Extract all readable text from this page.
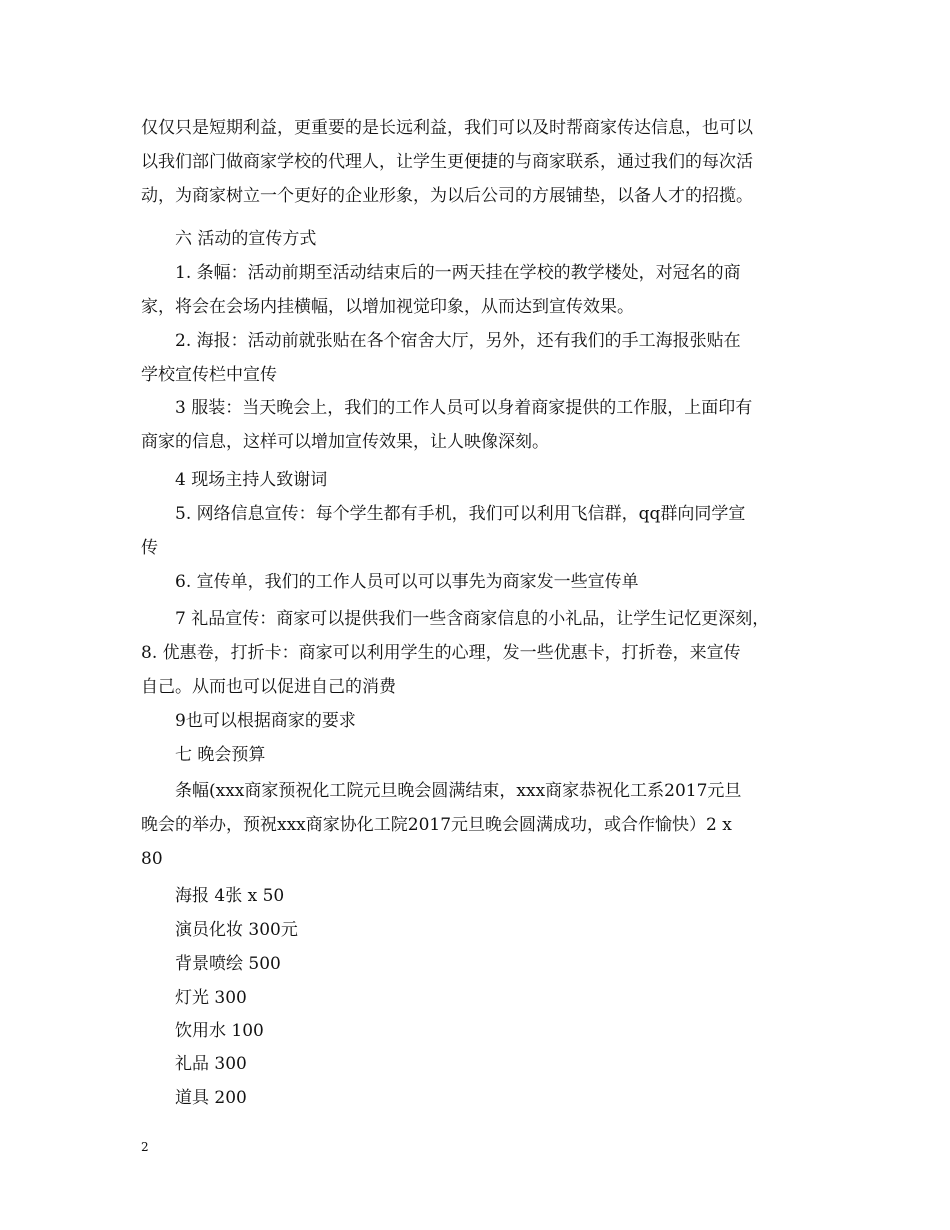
仅仅只是短期利益，更重要的是长远利益，我们可以及时帮商家传达信息，也可以
以我们部门做商家学校的代理人，让学生更便捷的与商家联系，通过我们的每次活
动，为商家树立一个更好的企业形象，为以后公司的方展铺垫，以备人才的招揽。
六 活动的宣传方式
1. 条幅：活动前期至活动结束后的一两天挂在学校的教学楼处，对冠名的商
家，将会在会场内挂横幅，以增加视觉印象，从而达到宣传效果。
2. 海报：活动前就张贴在各个宿舍大厅，另外，还有我们的手工海报张贴在
学校宣传栏中宣传
3 服装：当天晚会上，我们的工作人员可以身着商家提供的工作服，上面印有
商家的信息，这样可以增加宣传效果，让人映像深刻。
4 现场主持人致谢词
5. 网络信息宣传：每个学生都有手机，我们可以利用飞信群，qq群向同学宣
传
6. 宣传单，我们的工作人员可以可以事先为商家发一些宣传单
7 礼品宣传：商家可以提供我们一些含商家信息的小礼品，让学生记忆更深刻，
8. 优惠卷，打折卡：商家可以利用学生的心理，发一些优惠卡，打折卷，来宣传
自己。从而也可以促进自己的消费
9也可以根据商家的要求
七 晚会预算
条幅(xxx商家预祝化工院元旦晚会圆满结束，xxx商家恭祝化工系2017元旦
晚会的举办，预祝xxx商家协化工院2017元旦晚会圆满成功，或合作愉快）2 x
80
海报 4张 x 50
演员化妆 300元
背景喷绘 500
灯光 300
饮用水 100
礼品 300
道具 200
2
